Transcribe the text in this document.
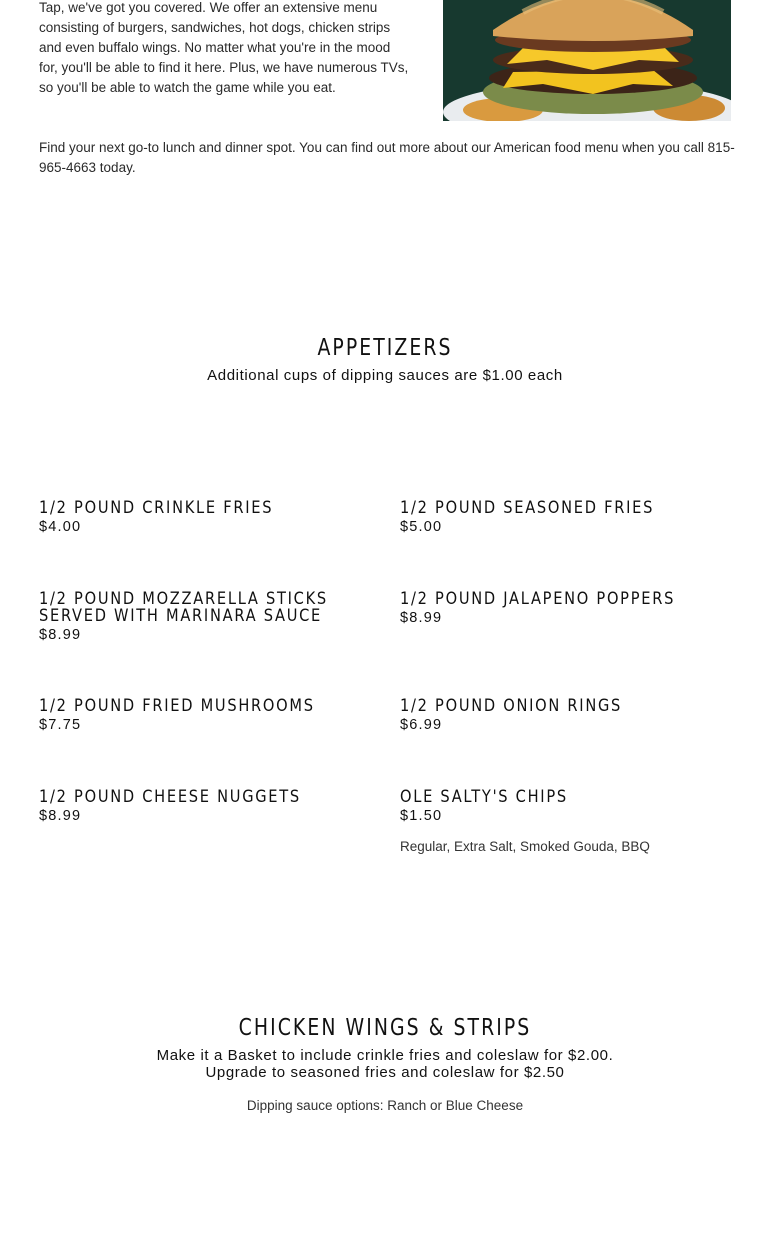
Tap, we've got you covered. We offer an extensive menu consisting of burgers, sandwiches, hot dogs, chicken strips and even buffalo wings. No matter what you're in the mood for, you'll be able to find it here. Plus, we have numerous TVs, so you'll be able to watch the game while you eat.

Find your next go-to lunch and dinner spot. You can find out more about our American food menu when you call 815-965-4663 today.

APPETIZERS

Additional cups of dipping sauces are $1.00 each

1/2 POUND CRINKLE FRIES

$4.00

1/2 POUND SEASONED FRIES

$5.00

1/2 POUND MOZZARELLA STICKS SERVED WITH MARINARA SAUCE

$8.99

1/2 POUND JALAPENO POPPERS

$8.99

1/2 POUND FRIED MUSHROOMS

$7.75

1/2 POUND ONION RINGS

$6.99

1/2 POUND CHEESE NUGGETS

$8.99

OLE SALTY'S CHIPS

$1.50

Regular, Extra Salt, Smoked Gouda, BBQ

CHICKEN WINGS & STRIPS

Make it a Basket to include crinkle fries and coleslaw for $2.00.

Upgrade to seasoned fries and coleslaw for $2.50

Dipping sauce options: Ranch or Blue Cheese
